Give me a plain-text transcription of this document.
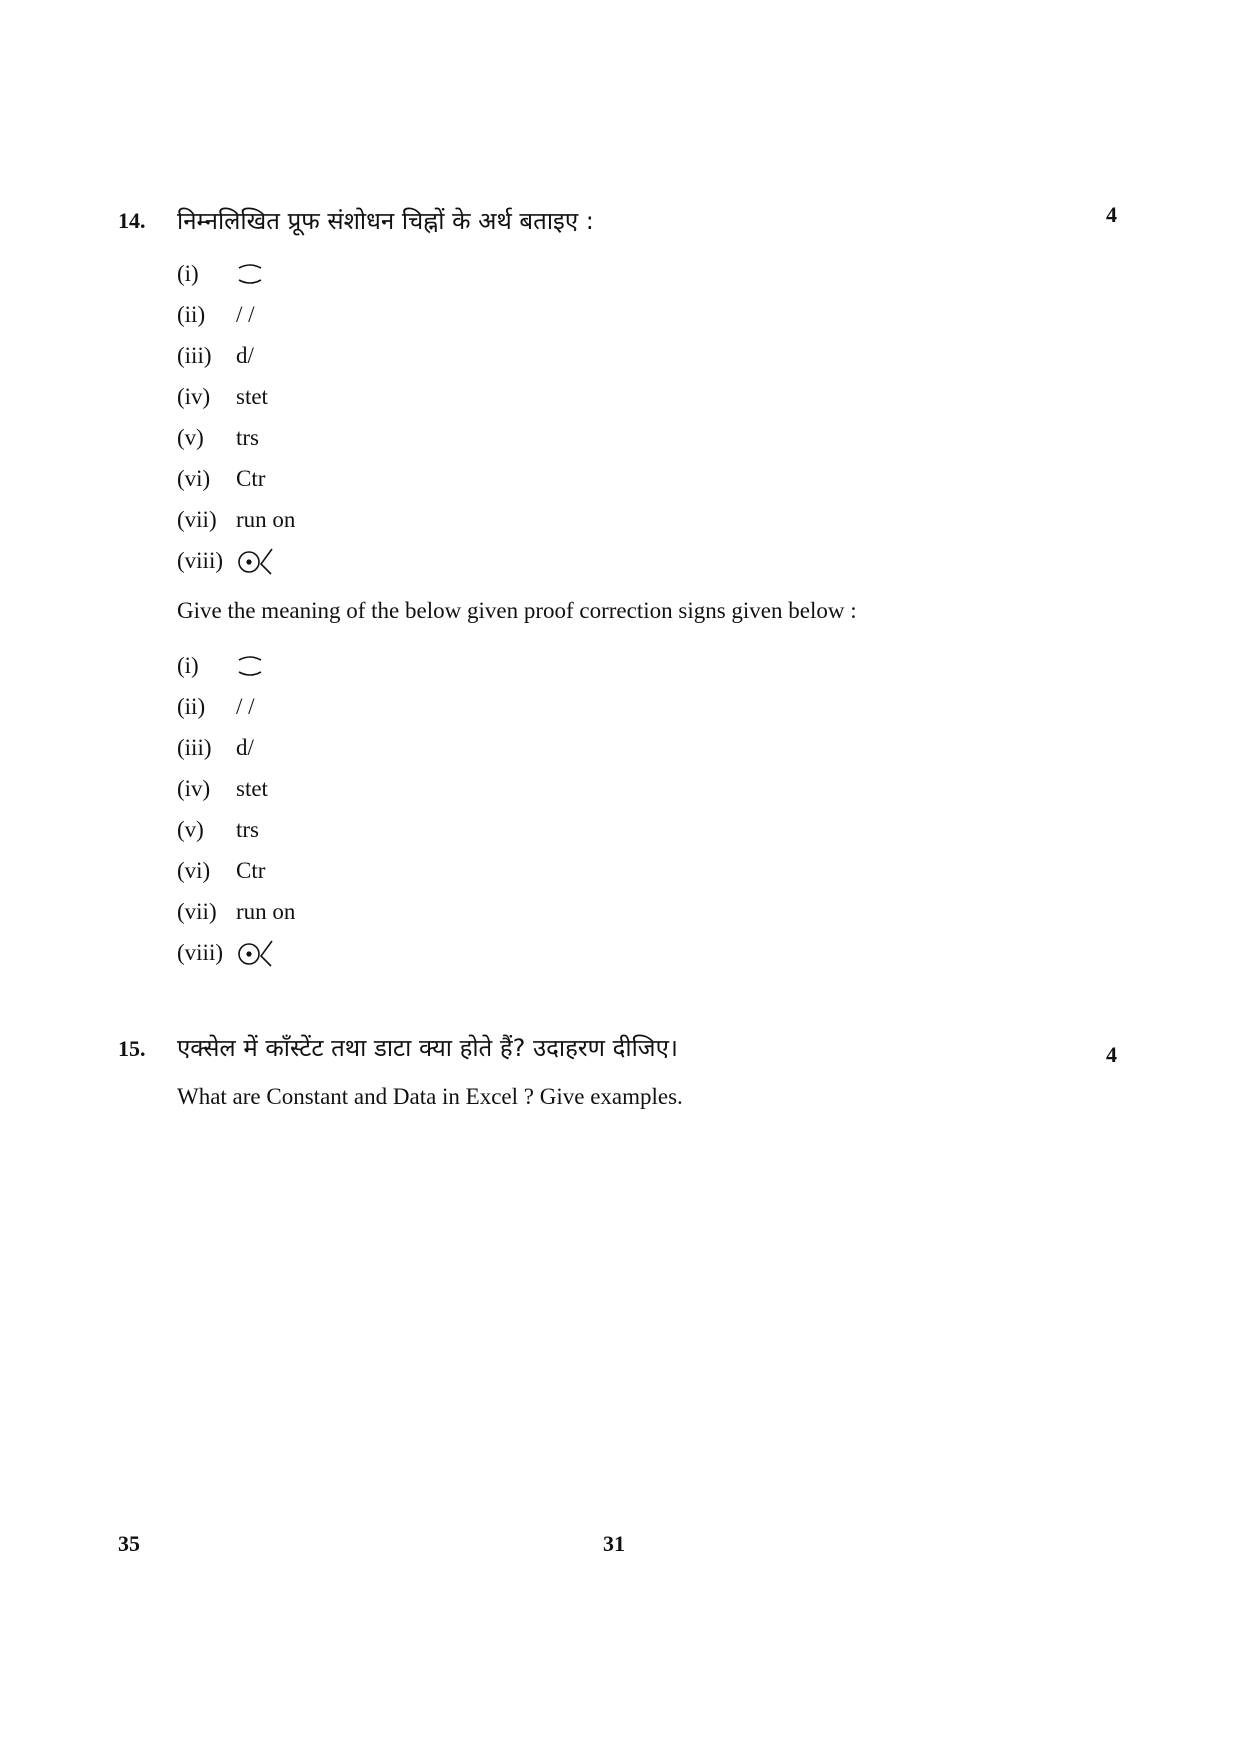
14. निम्नलिखित प्रूफ संशोधन चिह्नों के अर्थ बताइए :	4
(i)
(ii)	/ /
(iii)	d/
(iv)	stet
(v)	trs
(vi)	Ctr
(vii) run on
(viii)
Give the meaning of the below given proof correction signs given below :
(i)
(ii)	/ /
(iii)	d/
(iv)	stet
(v)	trs
(vi)	Ctr
(vii) run on
(viii)
15. एक्सेल में कॉंस्टेंट तथा डाटा क्या होते हैं? उदाहरण दीजिए।	4
What are Constant and Data in Excel ? Give examples.
35	31
